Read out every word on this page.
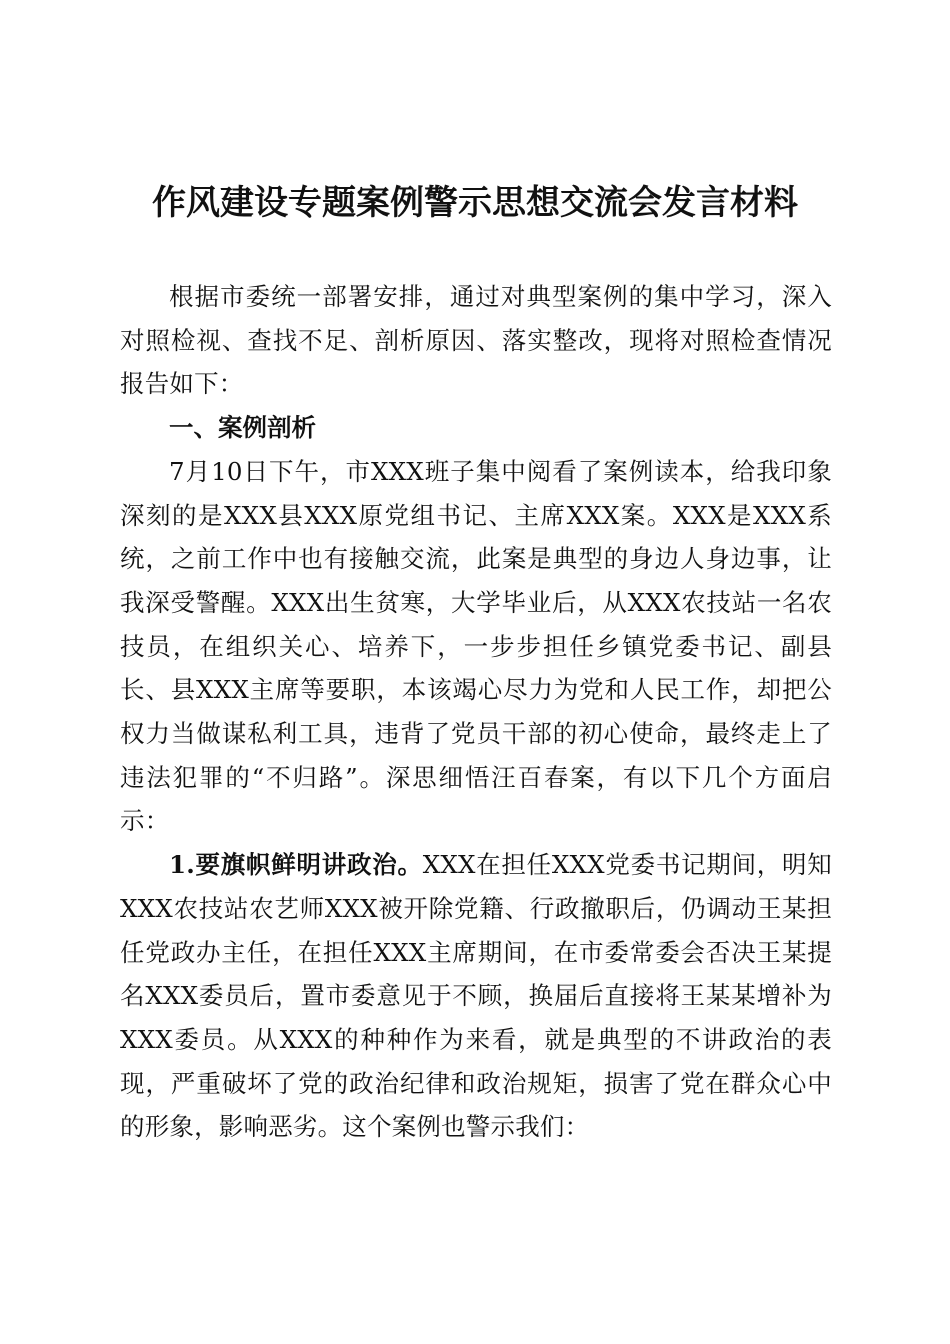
作风建设专题案例警示思想交流会发言材料

根据市委统一部署安排，通过对典型案例的集中学习，深入对照检视、查找不足、剖析原因、落实整改，现将对照检查情况报告如下：

一、案例剖析

7月10日下午，市XXX班子集中阅看了案例读本，给我印象深刻的是XXX县XXX原党组书记、主席XXX案。XXX是XXX系统，之前工作中也有接触交流，此案是典型的身边人身边事，让我深受警醒。XXX出生贫寒，大学毕业后，从XXX农技站一名农技员，在组织关心、培养下，一步步担任乡镇党委书记、副县长、县XXX主席等要职，本该竭心尽力为党和人民工作，却把公权力当做谋私利工具，违背了党员干部的初心使命，最终走上了违法犯罪的“不归路”。深思细悟汪百春案，有以下几个方面启示：

1.要旗帜鲜明讲政治。XXX在担任XXX党委书记期间，明知XXX农技站农艺师XXX被开除党籍、行政撤职后，仍调动王某担任党政办主任，在担任XXX主席期间，在市委常委会否决王某提名XXX委员后，置市委意见于不顾，换届后直接将王某某增补为XXX委员。从XXX的种种作为来看，就是典型的不讲政治的表现，严重破坏了党的政治纪律和政治规矩，损害了党在群众心中的形象，影响恶劣。这个案例也警示我们：
